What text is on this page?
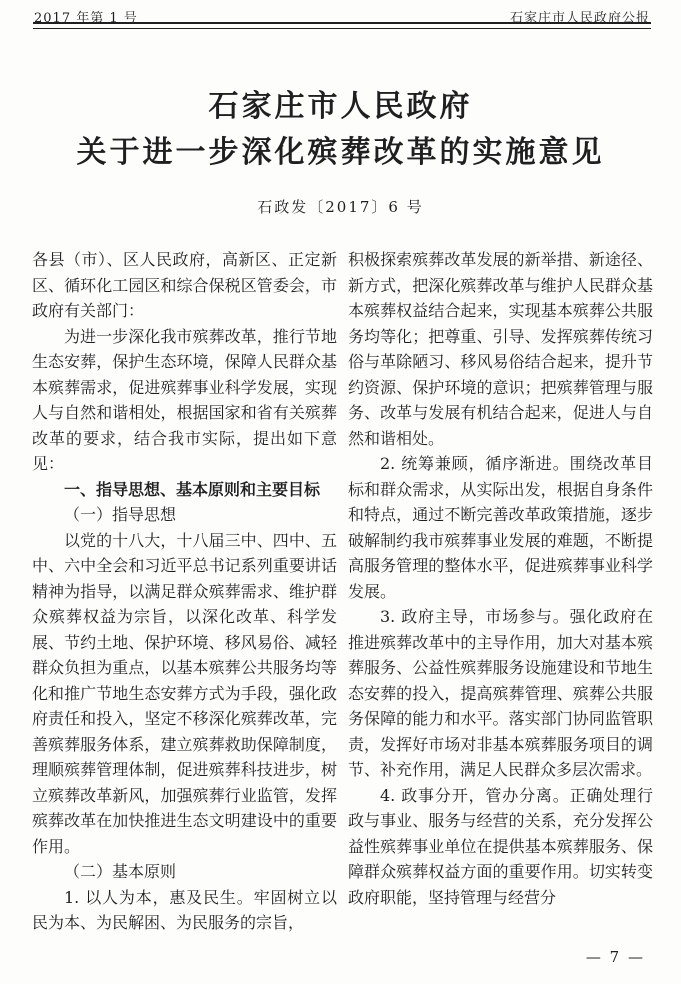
2017 年第 1 号	石家庄市人民政府公报
石家庄市人民政府
关于进一步深化殡葬改革的实施意见
石政发〔2017〕6 号

各县（市）、区人民政府，高新区、正定新区、循环化工园区和综合保税区管委会，市政府有关部门：

为进一步深化我市殡葬改革，推行节地生态安葬，保护生态环境，保障人民群众基本殡葬需求，促进殡葬事业科学发展，实现人与自然和谐相处，根据国家和省有关殡葬改革的要求，结合我市实际，提出如下意见：

一、指导思想、基本原则和主要目标

（一）指导思想

以党的十八大，十八届三中、四中、五中、六中全会和习近平总书记系列重要讲话精神为指导，以满足群众殡葬需求、维护群众殡葬权益为宗旨，以深化改革、科学发展、节约土地、保护环境、移风易俗、减轻群众负担为重点，以基本殡葬公共服务均等化和推广节地生态安葬方式为手段，强化政府责任和投入，坚定不移深化殡葬改革，完善殡葬服务体系，建立殡葬救助保障制度，理顺殡葬管理体制，促进殡葬科技进步，树立殡葬改革新风，加强殡葬行业监管，发挥殡葬改革在加快推进生态文明建设中的重要作用。

（二）基本原则

1. 以人为本，惠及民生。牢固树立以民为本、为民解困、为民服务的宗旨，

积极探索殡葬改革发展的新举措、新途径、新方式，把深化殡葬改革与维护人民群众基本殡葬权益结合起来，实现基本殡葬公共服务均等化；把尊重、引导、发挥殡葬传统习俗与革除陋习、移风易俗结合起来，提升节约资源、保护环境的意识；把殡葬管理与服务、改革与发展有机结合起来，促进人与自然和谐相处。

2. 统筹兼顾，循序渐进。围绕改革目标和群众需求，从实际出发，根据自身条件和特点，通过不断完善改革政策措施，逐步破解制约我市殡葬事业发展的难题，不断提高服务管理的整体水平，促进殡葬事业科学发展。

3. 政府主导，市场参与。强化政府在推进殡葬改革中的主导作用，加大对基本殡葬服务、公益性殡葬服务设施建设和节地生态安葬的投入，提高殡葬管理、殡葬公共服务保障的能力和水平。落实部门协同监管职责，发挥好市场对非基本殡葬服务项目的调节、补充作用，满足人民群众多层次需求。

4. 政事分开，管办分离。正确处理行政与事业、服务与经营的关系，充分发挥公益性殡葬事业单位在提供基本殡葬服务、保障群众殡葬权益方面的重要作用。切实转变政府职能，坚持管理与经营分

— 7 —
